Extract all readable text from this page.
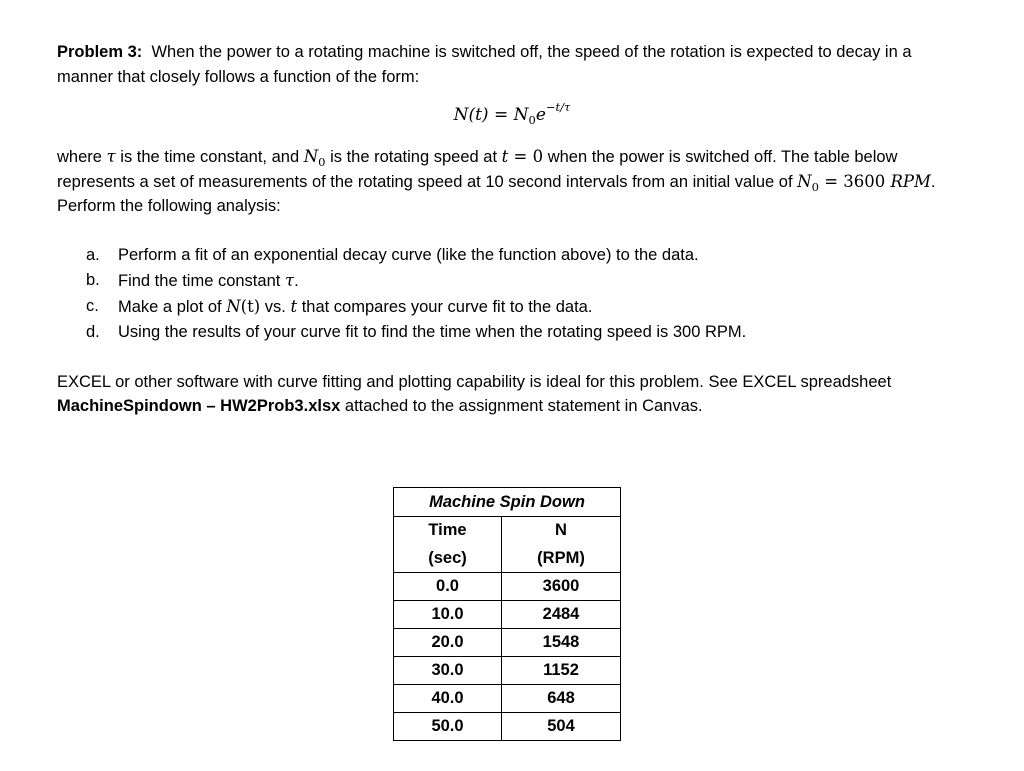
Problem 3: When the power to a rotating machine is switched off, the speed of the rotation is expected to decay in a manner that closely follows a function of the form:

$N(t) = N_0e^{-t/\tau}$

where τ is the time constant, and $N_0$ is the rotating speed at t = 0 when the power is switched off. The table below represents a set of measurements of the rotating speed at 10 second intervals from an initial value of $N_0 = 3600$ RPM. Perform the following analysis:

a. Perform a fit of an exponential decay curve (like the function above) to the data.
b. Find the time constant τ.
c. Make a plot of N(t) vs. t that compares your curve fit to the data.
d. Using the results of your curve fit to find the time when the rotating speed is 300 RPM.

EXCEL or other software with curve fitting and plotting capability is ideal for this problem. See EXCEL spreadsheet MachineSpindown – HW2Prob3.xlsx attached to the assignment statement in Canvas.

Machine Spin Down	
Time	N
(sec)	(RPM)
0.0	3600
10.0	2484
20.0	1548
30.0	1152
40.0	648
50.0	504
